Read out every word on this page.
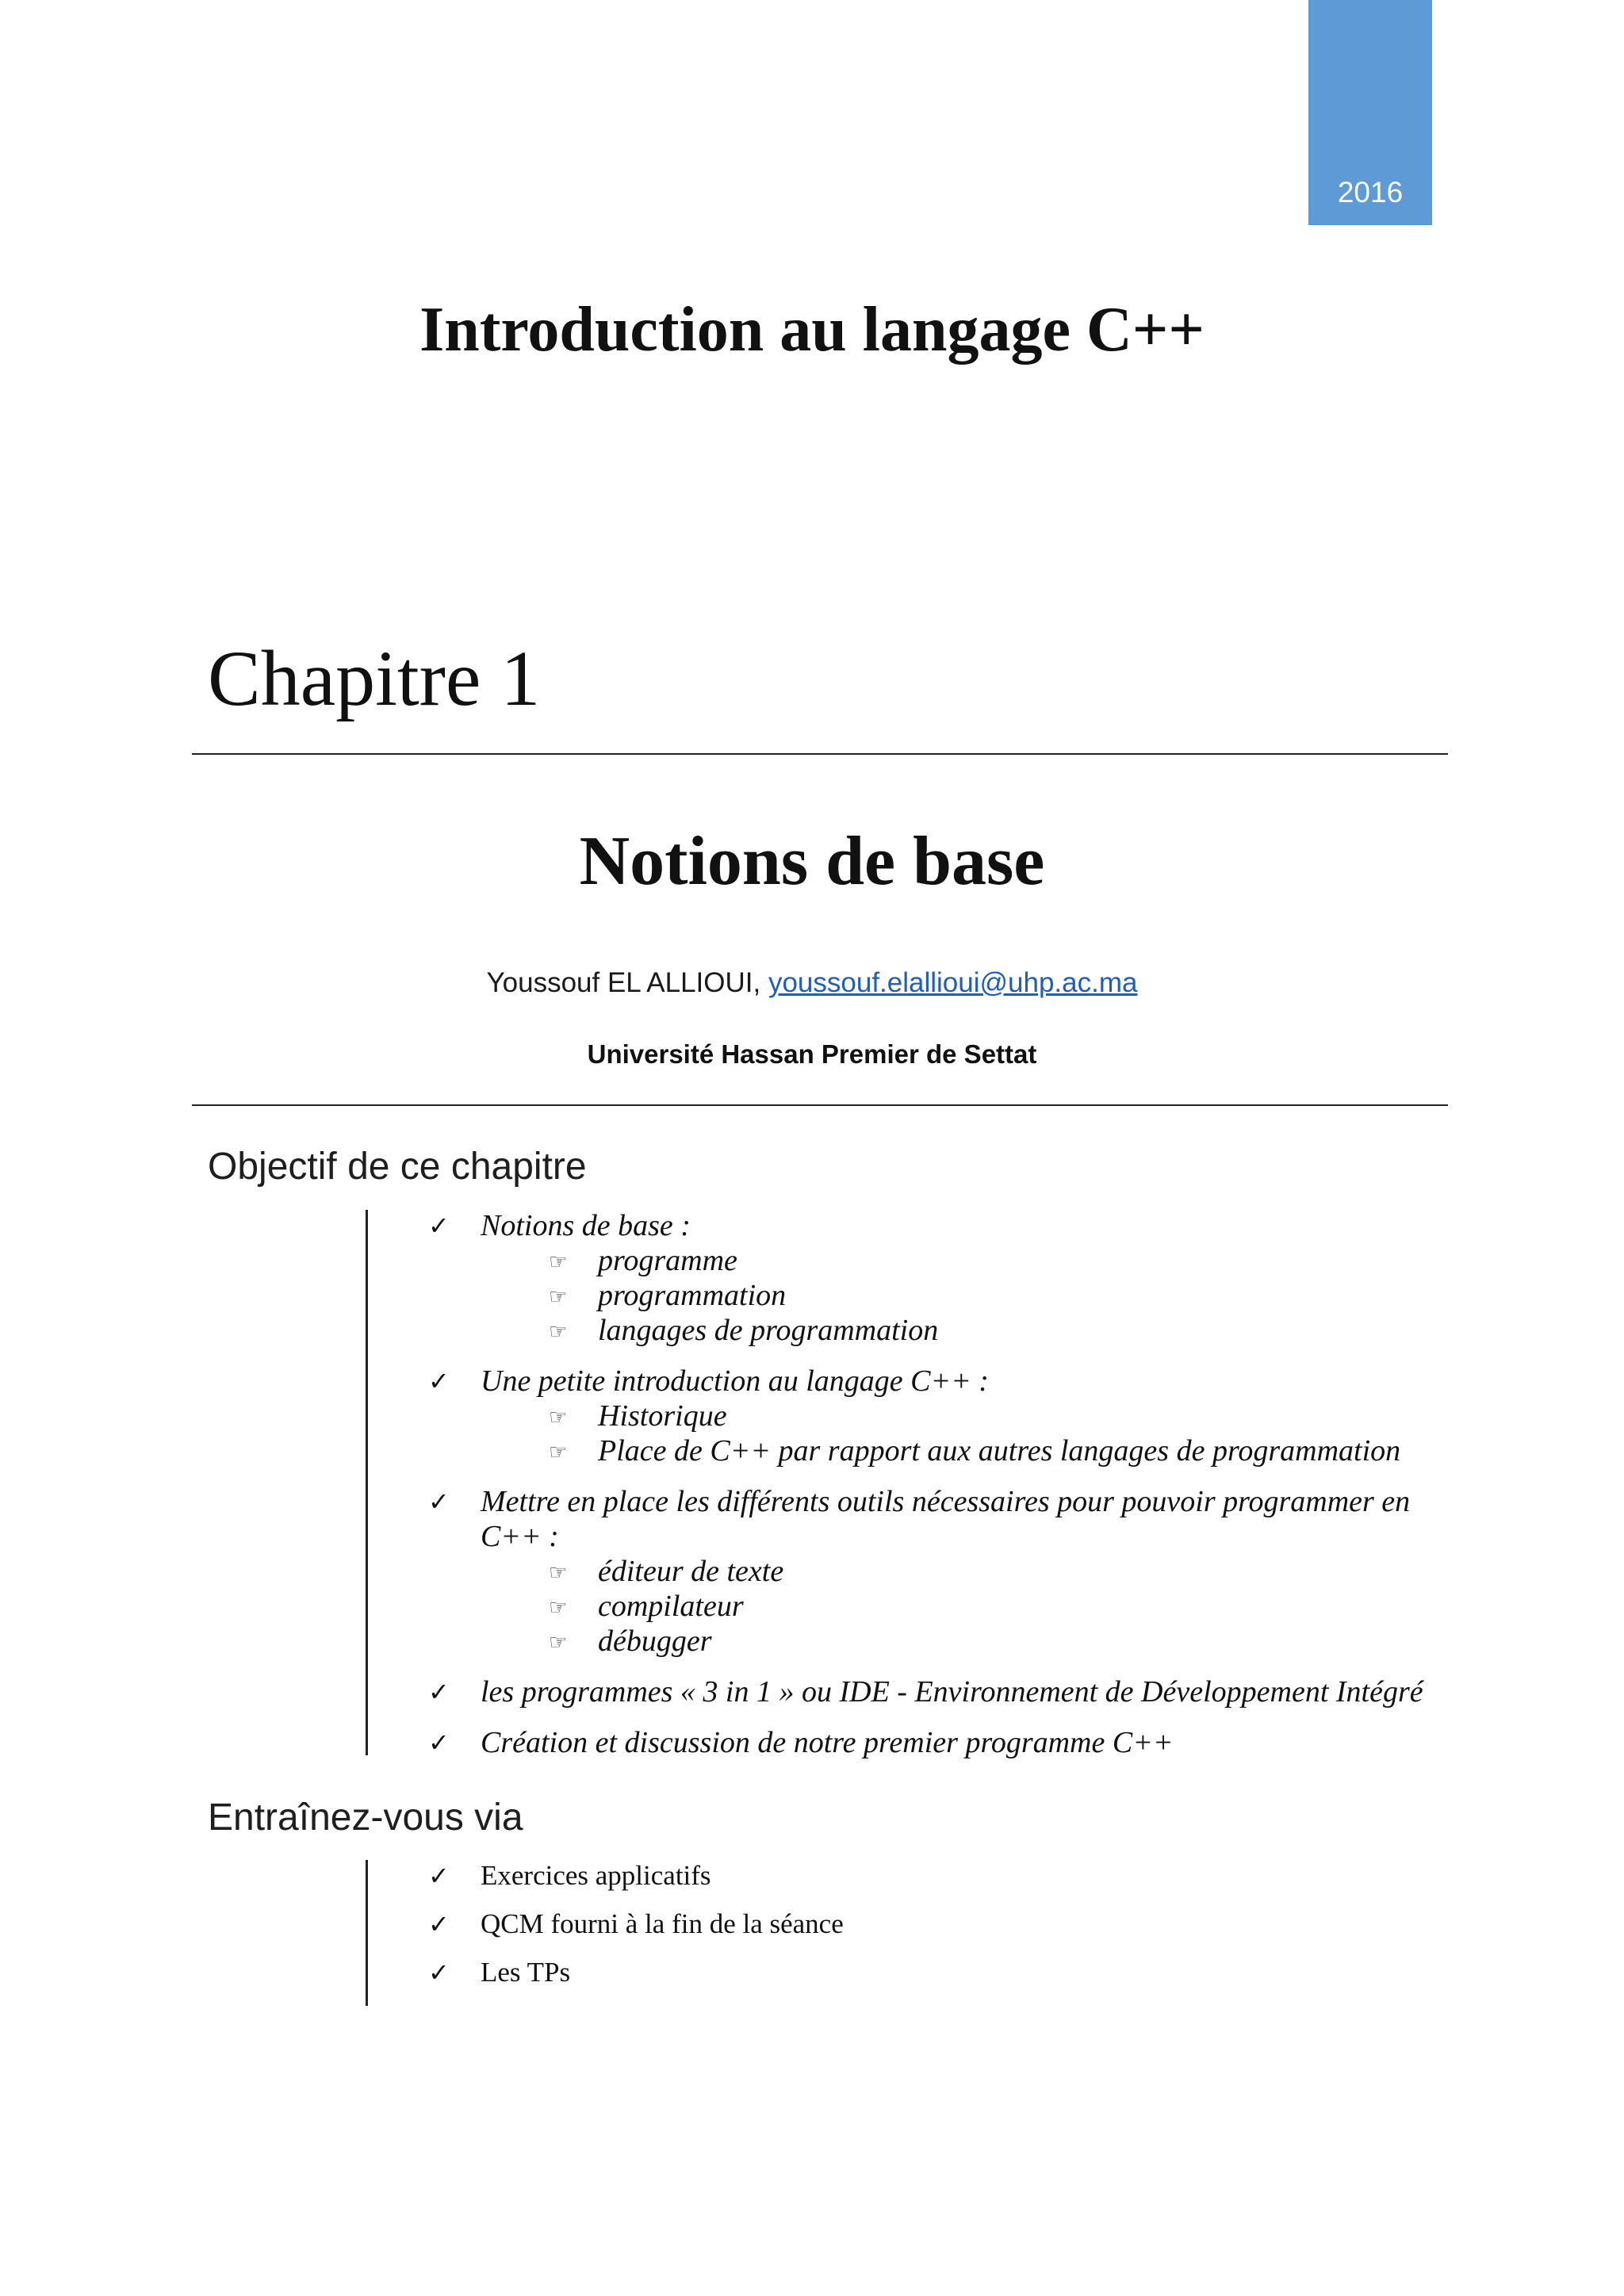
2016
Introduction au langage C++
Chapitre 1
Notions de base
Youssouf EL ALLIOUI, youssouf.elallioui@uhp.ac.ma
Université Hassan Premier de Settat
Objectif de ce chapitre
✓ Notions de base :
☞ programme
☞ programmation
☞ langages de programmation
✓ Une petite introduction au langage C++ :
☞ Historique
☞ Place de C++ par rapport aux autres langages de programmation
✓ Mettre en place les différents outils nécessaires pour pouvoir programmer en C++ :
☞ éditeur de texte
☞ compilateur
☞ débugger
✓ les programmes « 3 in 1 » ou IDE - Environnement de Développement Intégré
✓ Création et discussion de notre premier programme C++
Entraînez-vous via
✓ Exercices applicatifs
✓ QCM fourni à la fin de la séance
✓ Les TPs
